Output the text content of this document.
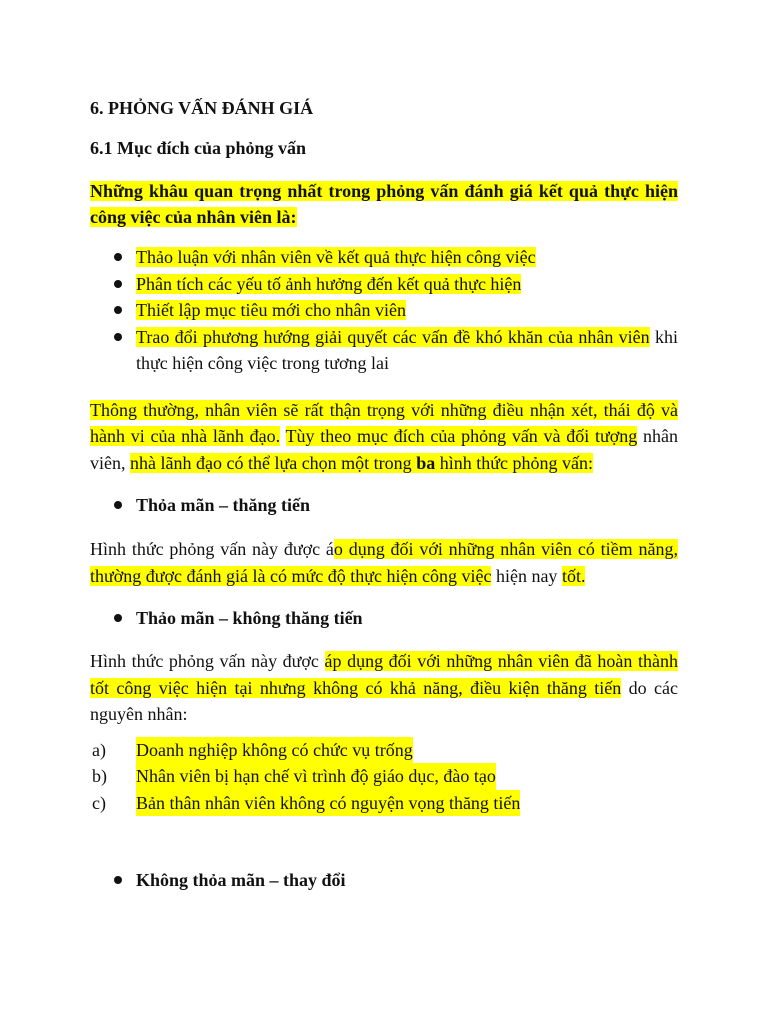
6. PHỎNG VẤN ĐÁNH GIÁ

6.1 Mục đích của phỏng vấn

Những khâu quan trọng nhất trong phỏng vấn đánh giá kết quả thực hiện công việc của nhân viên là:

Thảo luận với nhân viên về kết quả thực hiện công việc
Phân tích các yếu tố ảnh hưởng đến kết quả thực hiện
Thiết lập mục tiêu mới cho nhân viên
Trao đổi phương hướng giải quyết các vấn đề khó khăn của nhân viên khi thực hiện công việc trong tương lai

Thông thường, nhân viên sẽ rất thận trọng với những điều nhận xét, thái độ và hành vi của nhà lãnh đạo. Tùy theo mục đích của phỏng vấn và đối tượng nhân viên, nhà lãnh đạo có thể lựa chọn một trong ba hình thức phỏng vấn:

Thỏa mãn – thăng tiến

Hình thức phỏng vấn này được áo dụng đối với những nhân viên có tiềm năng, thường được đánh giá là có mức độ thực hiện công việc hiện nay tốt.

Thảo mãn – không thăng tiến

Hình thức phỏng vấn này được áp dụng đối với những nhân viên đã hoàn thành tốt công việc hiện tại nhưng không có khả năng, điều kiện thăng tiến do các nguyên nhân:

a)	Doanh nghiệp không có chức vụ trống
b)	Nhân viên bị hạn chế vì trình độ giáo dục, đào tạo
c)	Bản thân nhân viên không có nguyện vọng thăng tiến

Không thỏa mãn – thay đổi
